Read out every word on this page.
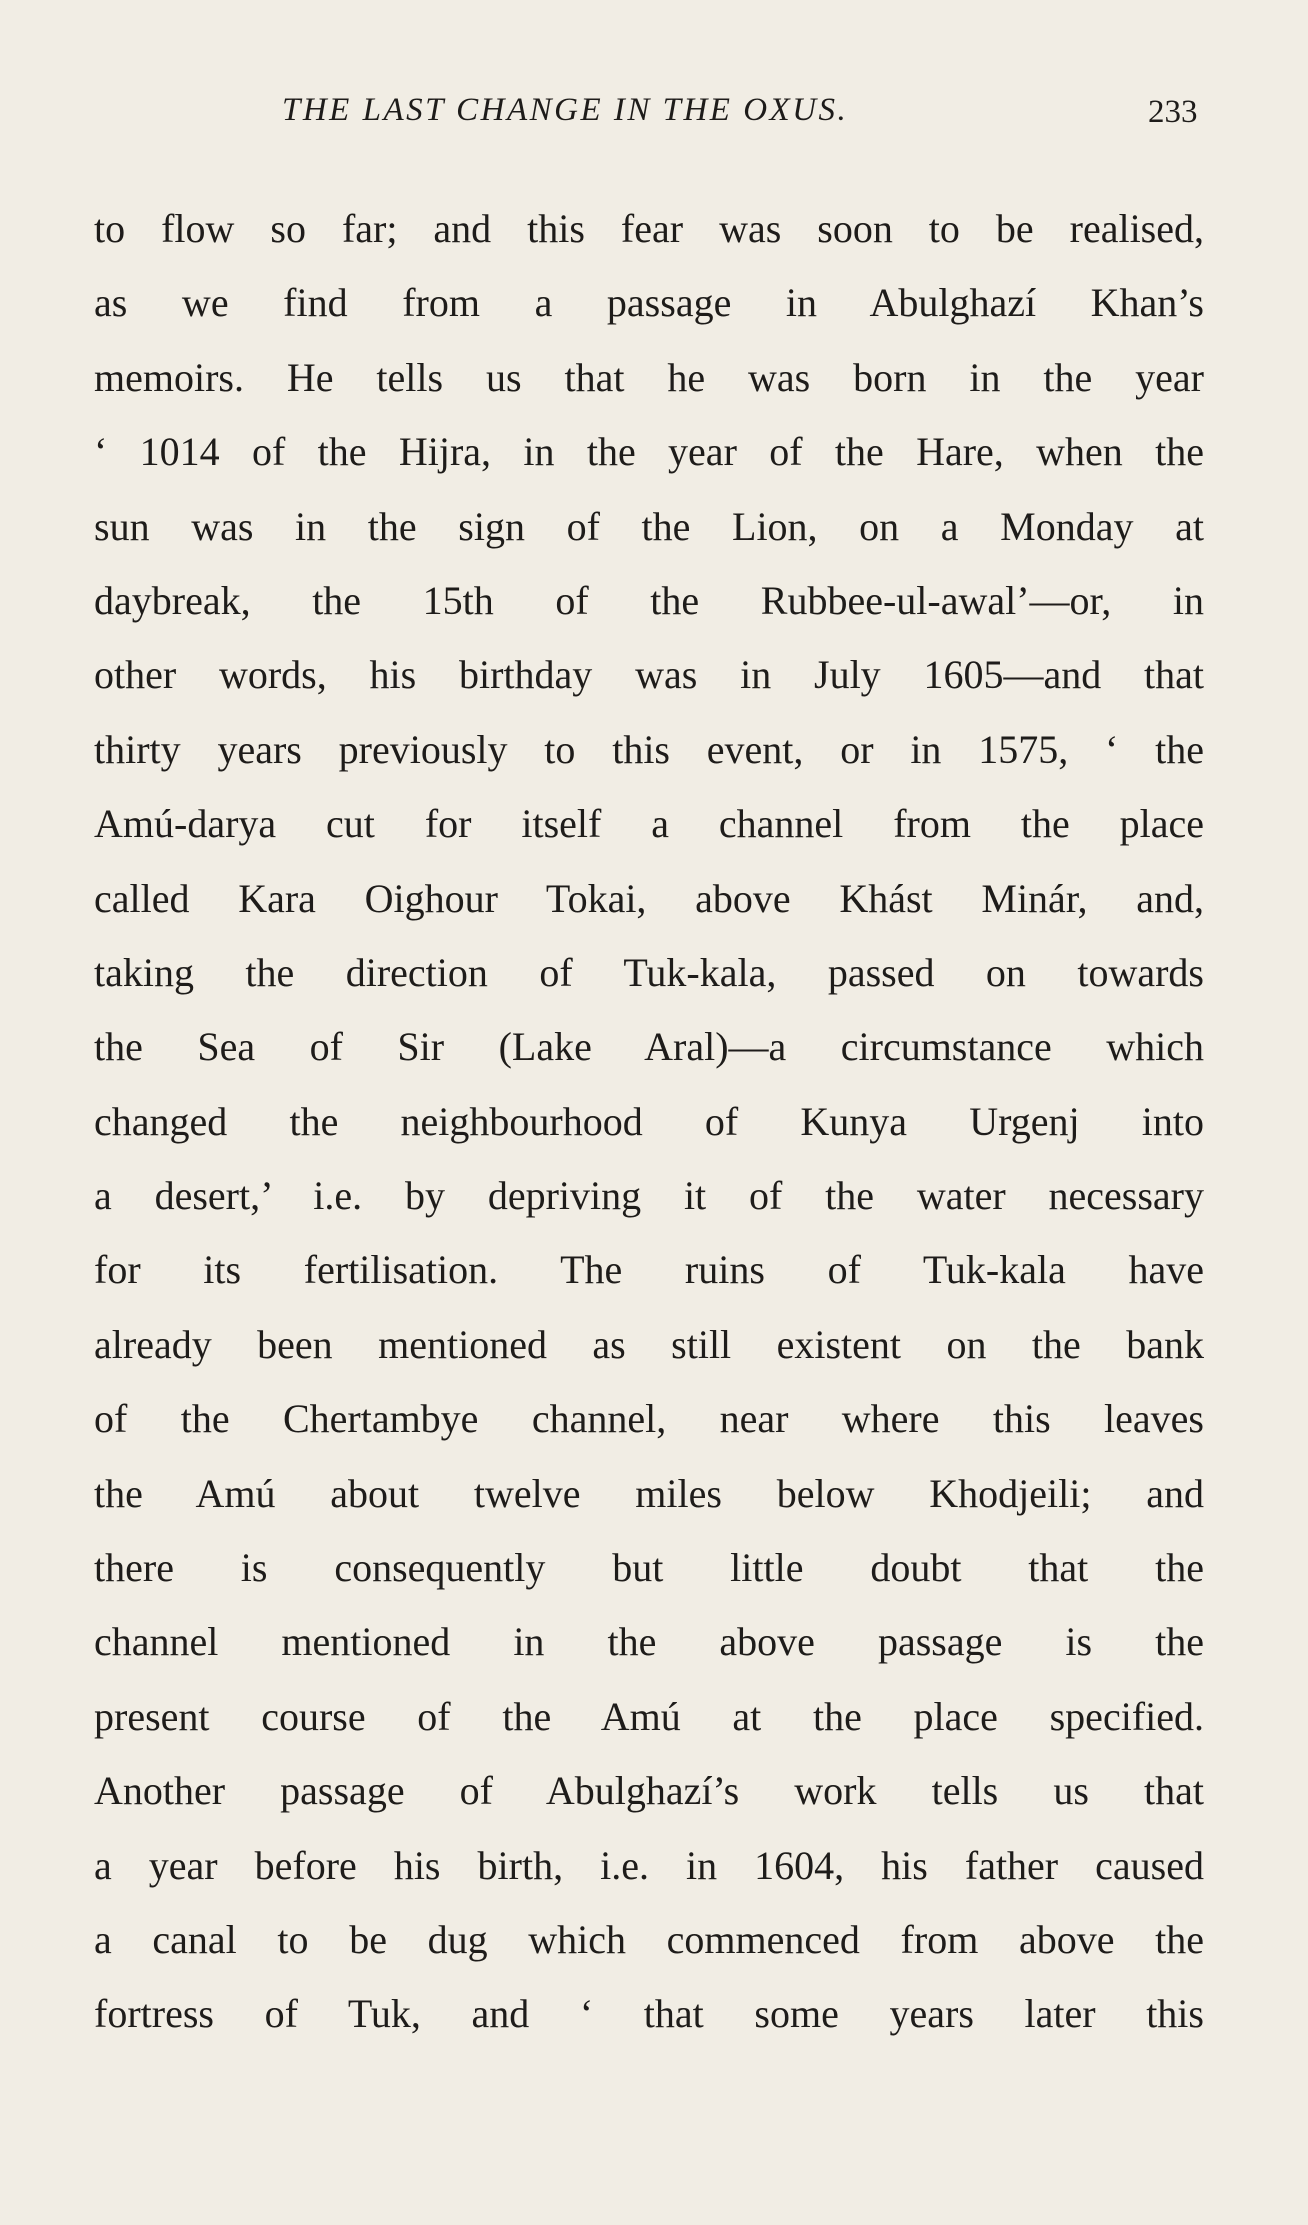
THE LAST CHANGE IN THE OXUS.	233
to flow so far; and this fear was soon to be realised,
as we find from a passage in Abulghazí Khan’s
memoirs. He tells us that he was born in the year
‘ 1014 of the Hijra, in the year of the Hare, when the
sun was in the sign of the Lion, on a Monday at
daybreak, the 15th of the Rubbee-ul-awal’—or, in
other words, his birthday was in July 1605—and that
thirty years previously to this event, or in 1575, ‘ the
Amú-darya cut for itself a channel from the place
called Kara Oighour Tokai, above Khást Minár, and,
taking the direction of Tuk-kala, passed on towards
the Sea of Sir (Lake Aral)—a circumstance which
changed the neighbourhood of Kunya Urgenj into
a desert,’ i.e. by depriving it of the water necessary
for its fertilisation. The ruins of Tuk-kala have
already been mentioned as still existent on the bank
of the Chertambye channel, near where this leaves
the Amú about twelve miles below Khodjeili; and
there is consequently but little doubt that the
channel mentioned in the above passage is the
present course of the Amú at the place specified.
Another passage of Abulghazí’s work tells us that
a year before his birth, i.e. in 1604, his father caused
a canal to be dug which commenced from above the
fortress of Tuk, and ‘ that some years later this
